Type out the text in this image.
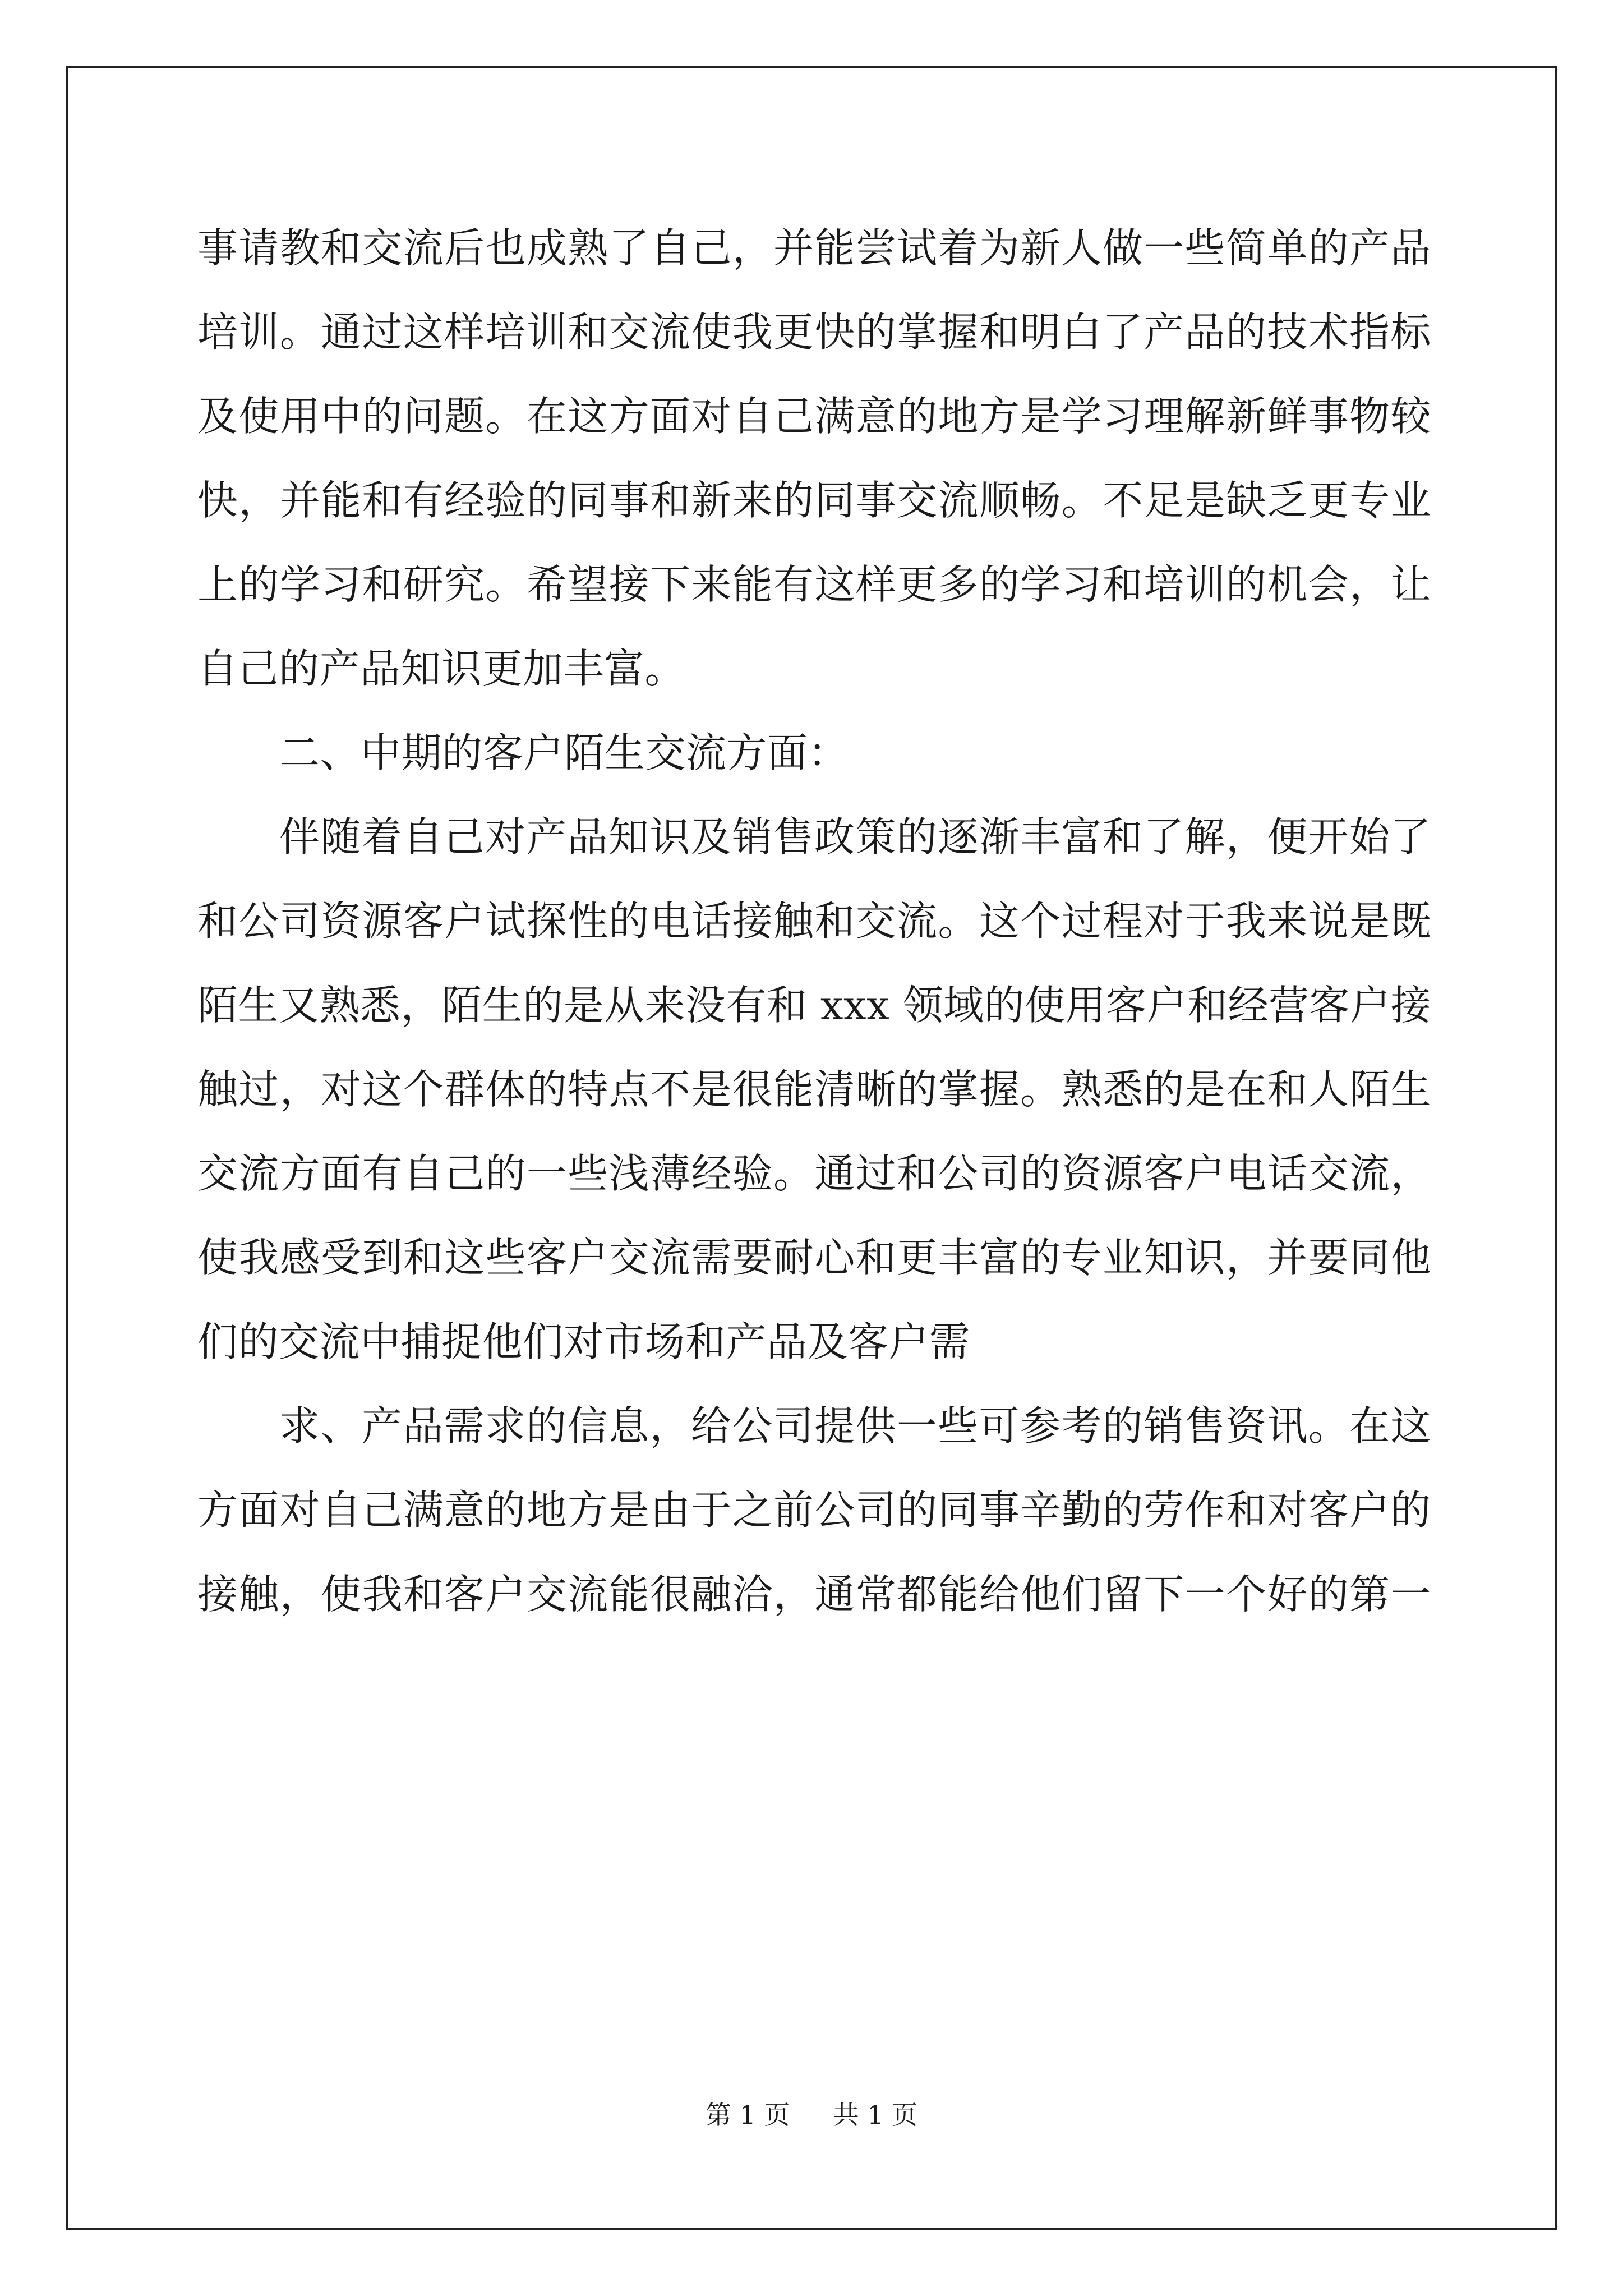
事请教和交流后也成熟了自己，并能尝试着为新人做一些简单的产品
培训。通过这样培训和交流使我更快的掌握和明白了产品的技术指标
及使用中的问题。在这方面对自己满意的地方是学习理解新鲜事物较
快，并能和有经验的同事和新来的同事交流顺畅。不足是缺乏更专业
上的学习和研究。希望接下来能有这样更多的学习和培训的机会，让
自己的产品知识更加丰富。
二、中期的客户陌生交流方面：
伴随着自己对产品知识及销售政策的逐渐丰富和了解，便开始了
和公司资源客户试探性的电话接触和交流。这个过程对于我来说是既
陌生又熟悉，陌生的是从来没有和 xxx 领域的使用客户和经营客户接
触过，对这个群体的特点不是很能清晰的掌握。熟悉的是在和人陌生
交流方面有自己的一些浅薄经验。通过和公司的资源客户电话交流，
使我感受到和这些客户交流需要耐心和更丰富的专业知识，并要同他
们的交流中捕捉他们对市场和产品及客户需
求、产品需求的信息，给公司提供一些可参考的销售资讯。在这
方面对自己满意的地方是由于之前公司的同事辛勤的劳作和对客户的
接触，使我和客户交流能很融洽，通常都能给他们留下一个好的第一
第 1 页 共 1 页
